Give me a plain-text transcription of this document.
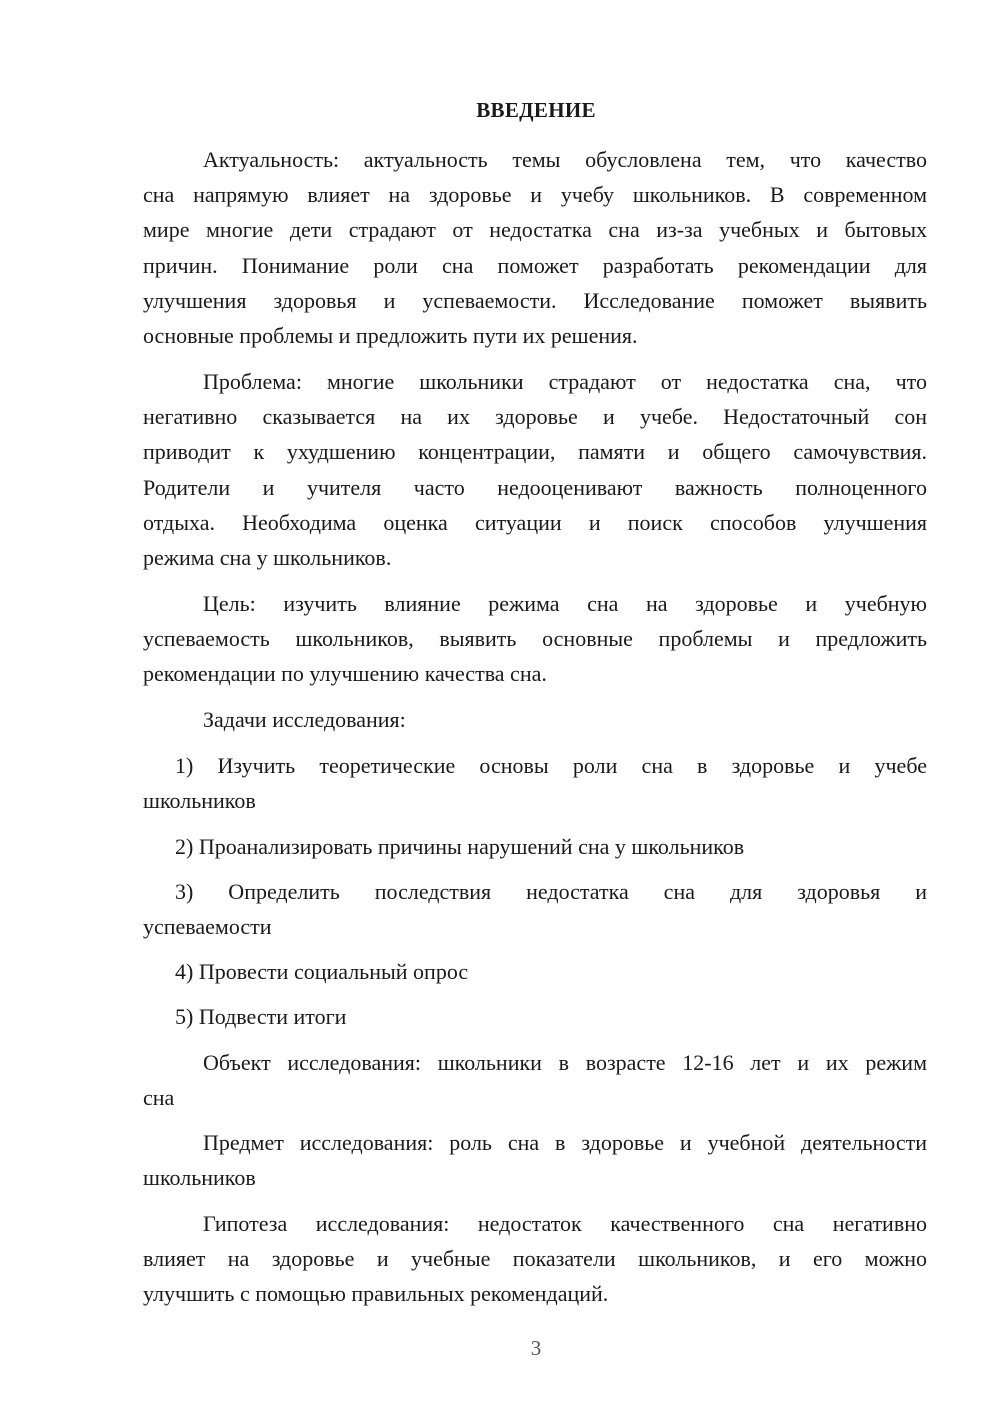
ВВЕДЕНИЕ

Актуальность: актуальность темы обусловлена тем, что качество
сна напрямую влияет на здоровье и учебу школьников. В современном
мире многие дети страдают от недостатка сна из-за учебных и бытовых
причин. Понимание роли сна поможет разработать рекомендации для
улучшения здоровья и успеваемости. Исследование поможет выявить
основные проблемы и предложить пути их решения.

Проблема: многие школьники страдают от недостатка сна, что
негативно сказывается на их здоровье и учебе. Недостаточный сон
приводит к ухудшению концентрации, памяти и общего самочувствия.
Родители и учителя часто недооценивают важность полноценного
отдыха. Необходима оценка ситуации и поиск способов улучшения
режима сна у школьников.

Цель: изучить влияние режима сна на здоровье и учебную
успеваемость школьников, выявить основные проблемы и предложить
рекомендации по улучшению качества сна.

Задачи исследования:

1) Изучить теоретические основы роли сна в здоровье и учебе
школьников

2) Проанализировать причины нарушений сна у школьников

3) Определить последствия недостатка сна для здоровья и
успеваемости

4) Провести социальный опрос

5) Подвести итоги

Объект исследования: школьники в возрасте 12-16 лет и их режим
сна

Предмет исследования: роль сна в здоровье и учебной деятельности
школьников

Гипотеза исследования: недостаток качественного сна негативно
влияет на здоровье и учебные показатели школьников, и его можно
улучшить с помощью правильных рекомендаций.

3
